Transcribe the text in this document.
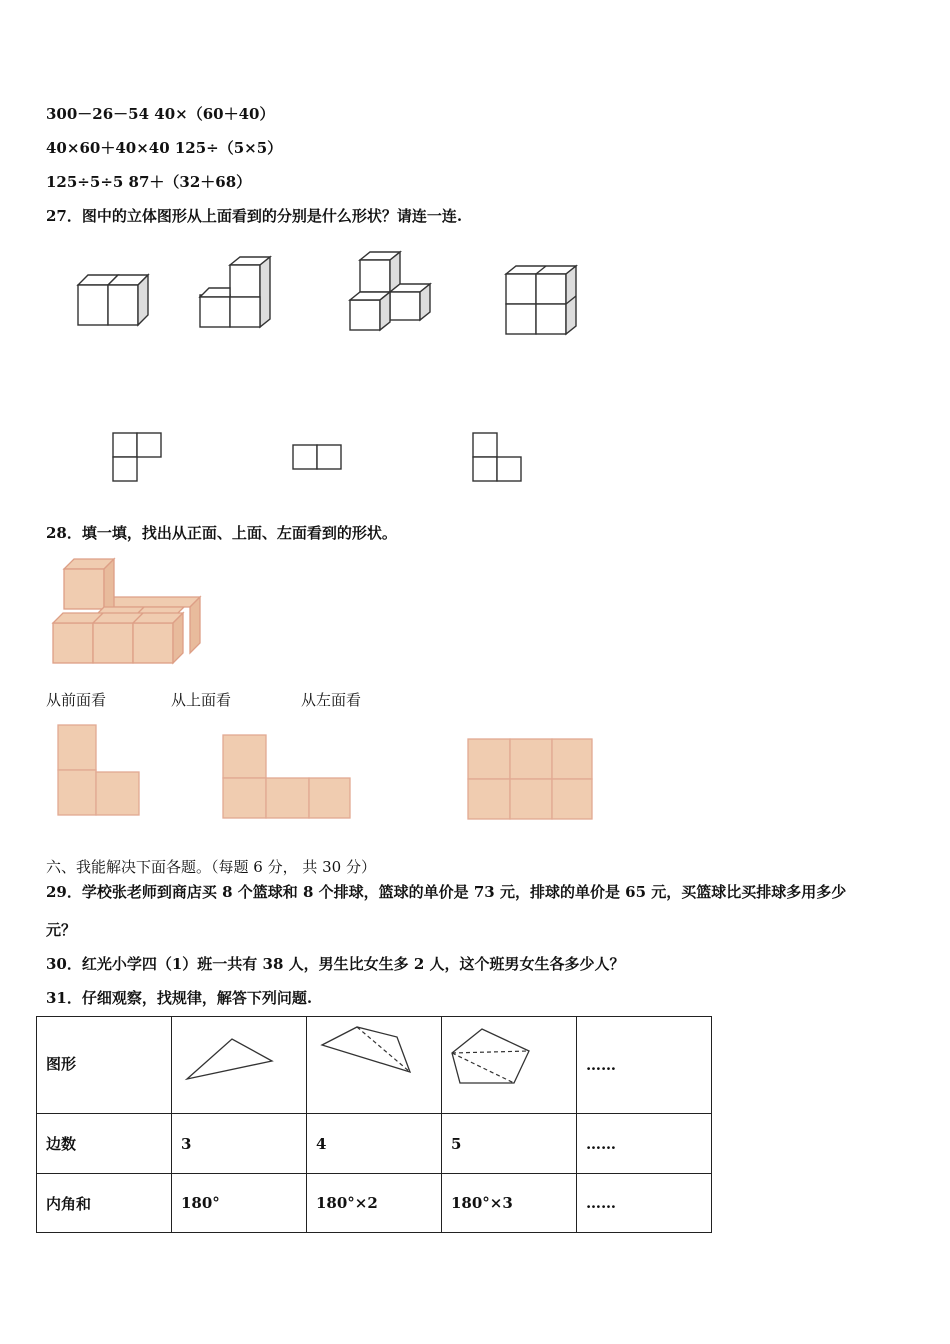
300－26－54 40×（60＋40）
40×60＋40×40 125÷（5×5）
125÷5÷5 87＋（32＋68）
27．图中的立体图形从上面看到的分别是什么形状？请连一连.
28．填一填，找出从正面、上面、左面看到的形状。
从前面看	从上面看	从左面看
六、我能解决下面各题。（每题 6 分， 共 30 分）
29．学校张老师到商店买 8 个篮球和 8 个排球，篮球的单价是 73 元，排球的单价是 65 元，买篮球比买排球多用多少
元？
30．红光小学四（1）班一共有 38 人，男生比女生多 2 人，这个班男女生各多少人？
31．仔细观察，找规律，解答下列问题.
图形				……
边数	3	4	5	……
内角和	180°	180°×2	180°×3	……
